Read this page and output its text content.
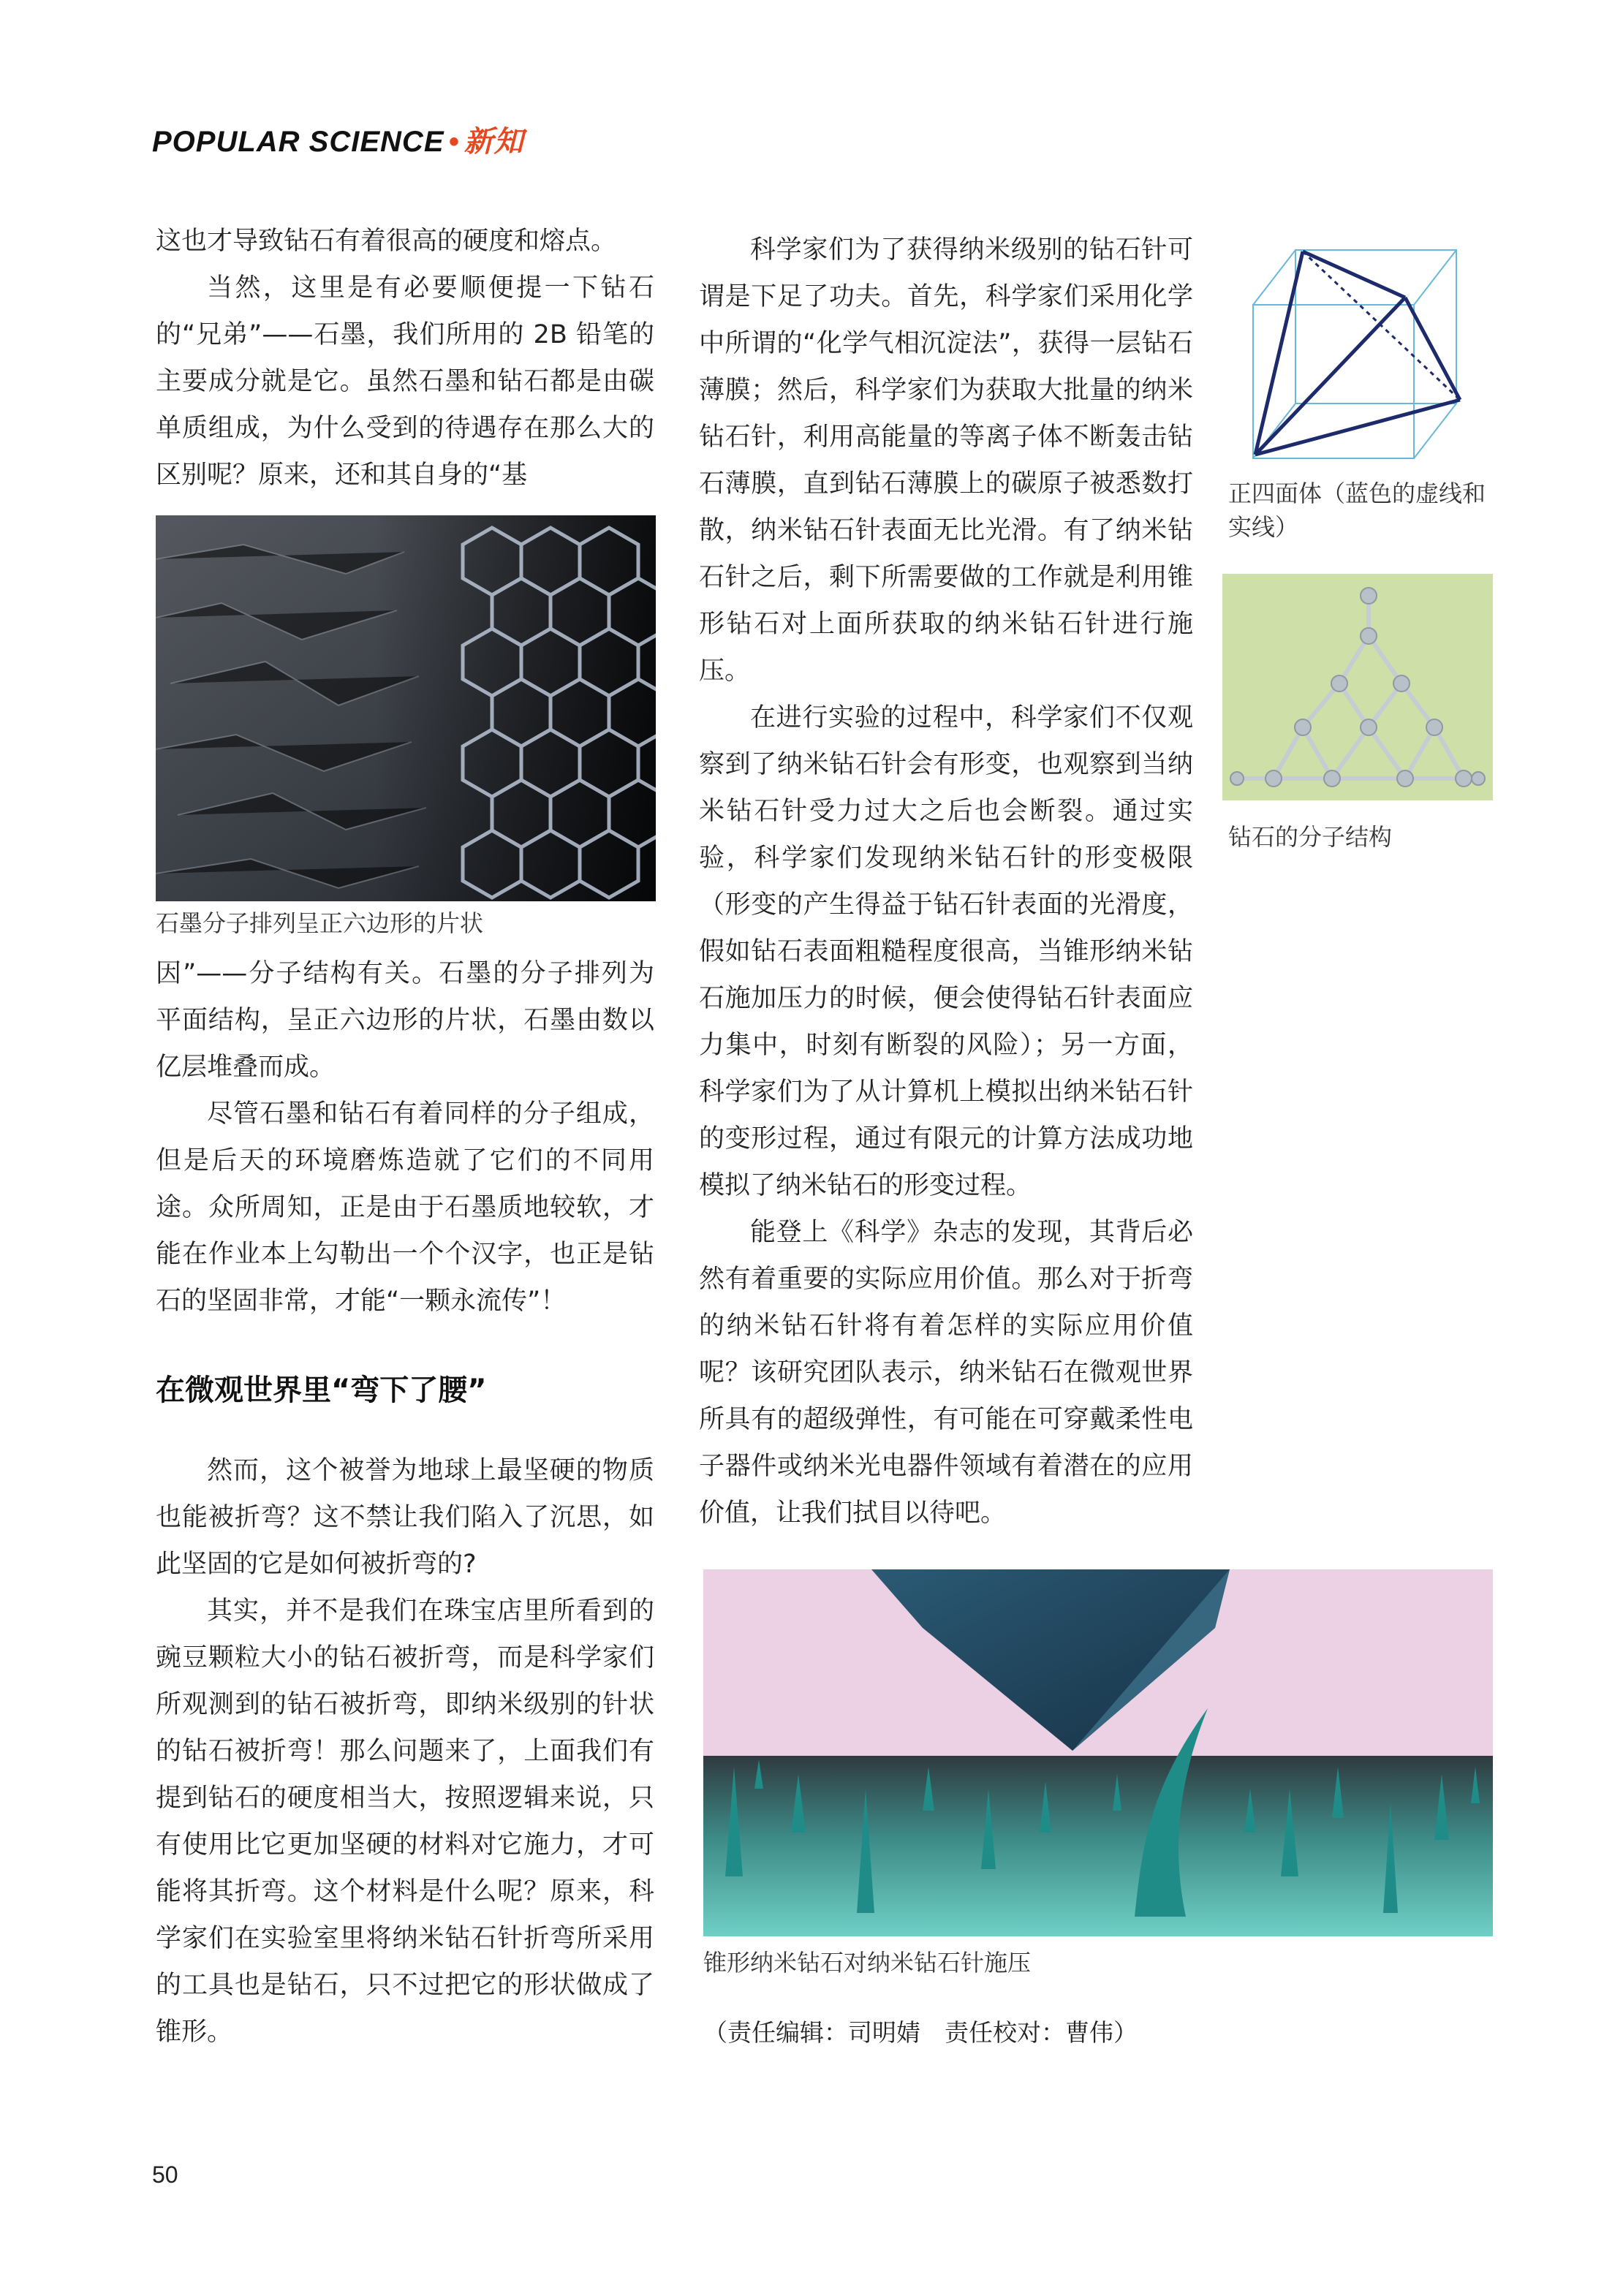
POPULAR SCIENCE • 新知

这也才导致钻石有着很高的硬度和熔点。

当然，这里是有必要顺便提一下钻石的“兄弟”——石墨，我们所用的 2B 铅笔的主要成分就是它。虽然石墨和钻石都是由碳单质组成，为什么受到的待遇存在那么大的区别呢？原来，还和其自身的“基

石墨分子排列呈正六边形的片状

因”——分子结构有关。石墨的分子排列为平面结构，呈正六边形的片状，石墨由数以亿层堆叠而成。

尽管石墨和钻石有着同样的分子组成，但是后天的环境磨炼造就了它们的不同用途。众所周知，正是由于石墨质地较软，才能在作业本上勾勒出一个个汉字，也正是钻石的坚固非常，才能“一颗永流传”！

在微观世界里“弯下了腰”

然而，这个被誉为地球上最坚硬的物质也能被折弯？这不禁让我们陷入了沉思，如此坚固的它是如何被折弯的?

其实，并不是我们在珠宝店里所看到的豌豆颗粒大小的钻石被折弯，而是科学家们所观测到的钻石被折弯，即纳米级别的针状的钻石被折弯！那么问题来了，上面我们有提到钻石的硬度相当大，按照逻辑来说，只有使用比它更加坚硬的材料对它施力，才可能将其折弯。这个材料是什么呢？原来，科学家们在实验室里将纳米钻石针折弯所采用的工具也是钻石，只不过把它的形状做成了锥形。

科学家们为了获得纳米级别的钻石针可谓是下足了功夫。首先，科学家们采用化学中所谓的“化学气相沉淀法”，获得一层钻石薄膜；然后，科学家们为获取大批量的纳米钻石针，利用高能量的等离子体不断轰击钻石薄膜，直到钻石薄膜上的碳原子被悉数打散，纳米钻石针表面无比光滑。有了纳米钻石针之后，剩下所需要做的工作就是利用锥形钻石对上面所获取的纳米钻石针进行施压。

在进行实验的过程中，科学家们不仅观察到了纳米钻石针会有形变，也观察到当纳米钻石针受力过大之后也会断裂。通过实验，科学家们发现纳米钻石针的形变极限（形变的产生得益于钻石针表面的光滑度，假如钻石表面粗糙程度很高，当锥形纳米钻石施加压力的时候，便会使得钻石针表面应力集中，时刻有断裂的风险）；另一方面，科学家们为了从计算机上模拟出纳米钻石针的变形过程，通过有限元的计算方法成功地模拟了纳米钻石的形变过程。

能登上《科学》杂志的发现，其背后必然有着重要的实际应用价值。那么对于折弯的纳米钻石针将有着怎样的实际应用价值呢？该研究团队表示，纳米钻石在微观世界所具有的超级弹性，有可能在可穿戴柔性电子器件或纳米光电器件领域有着潜在的应用价值，让我们拭目以待吧。

锥形纳米钻石对纳米钻石针施压
（责任编辑：司明婧　责任校对：曹伟）
正四面体（蓝色的虚线和实线）
钻石的分子结构
50
